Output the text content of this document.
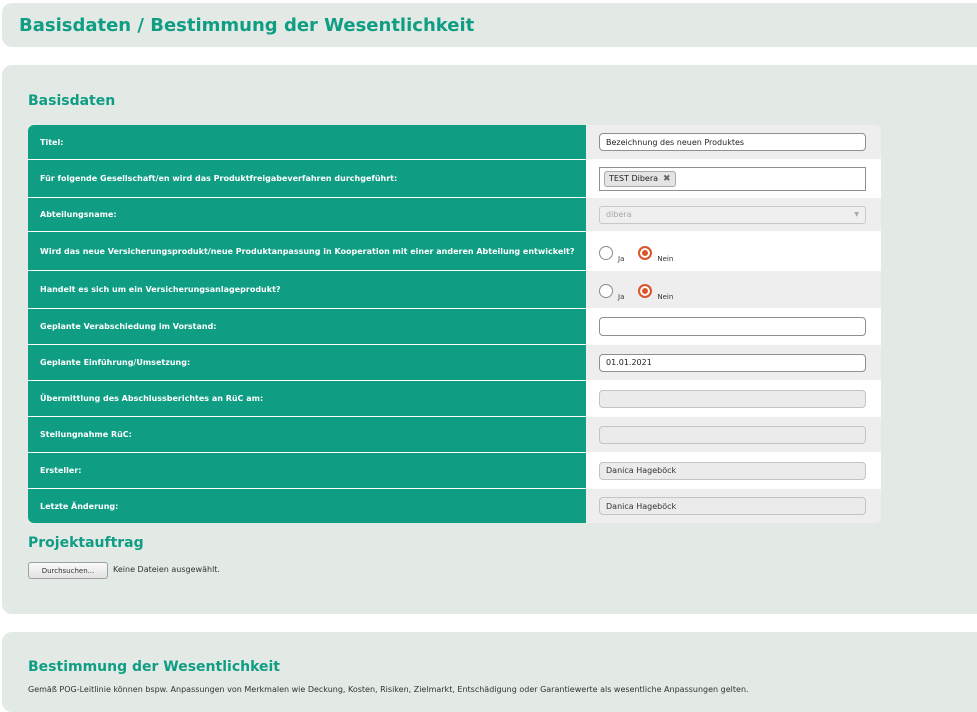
Basisdaten / Bestimmung der Wesentlichkeit
Basisdaten
Titel:	Bezeichnung des neuen Produktes
Für folgende Gesellschaft/en wird das Produktfreigabeverfahren durchgeführt:	TEST Dibera ✖
Abteilungsname:	dibera	▼
Wird das neue Versicherungsprodukt/neue Produktanpassung in Kooperation mit einer anderen Abteilung entwickelt?
Ja	Nein
Handelt es sich um ein Versicherungsanlageprodukt?
Ja	Nein
Geplante Verabschiedung im Vorstand:
Geplante Einführung/Umsetzung:	01.01.2021
Übermittlung des Abschlussberichtes an RüC am:
Stellungnahme RüC:
Ersteller:	Danica Hageböck
Letzte Änderung:	Danica Hageböck
Projektauftrag
Durchsuchen...	Keine Dateien ausgewählt.
Bestimmung der Wesentlichkeit
Gemäß POG-Leitlinie können bspw. Anpassungen von Merkmalen wie Deckung, Kosten, Risiken, Zielmarkt, Entschädigung oder Garantiewerte als wesentliche Anpassungen gelten.
